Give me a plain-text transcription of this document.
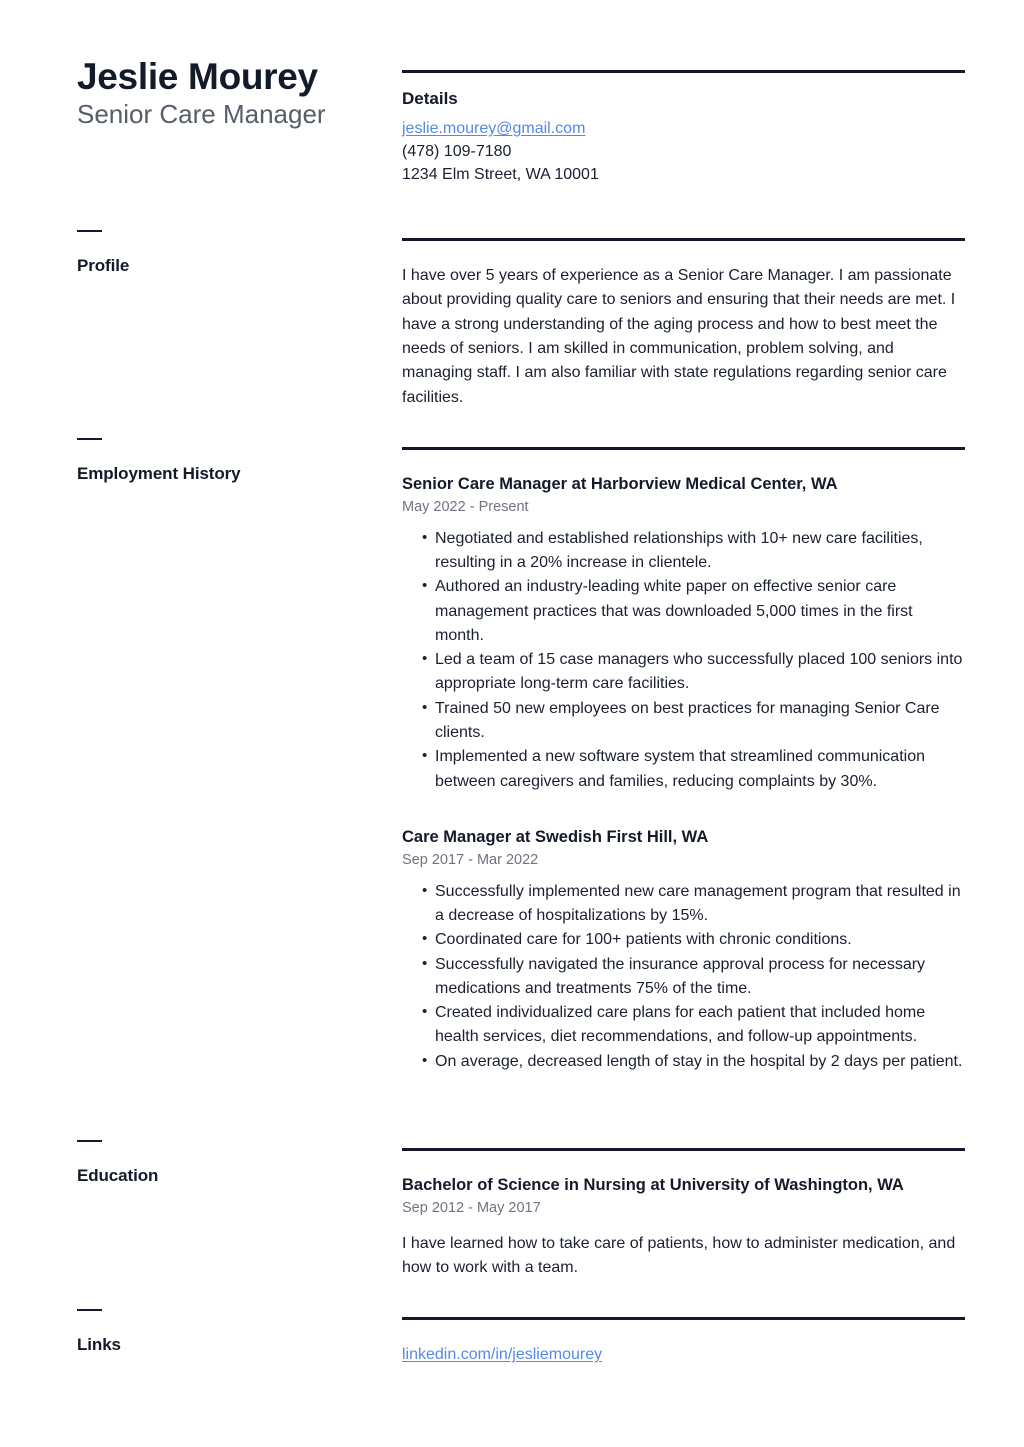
Jeslie Mourey
Senior Care Manager
Profile
Employment History
Education
Links
Details
jeslie.mourey@gmail.com
(478) 109-7180
1234 Elm Street, WA 10001

I have over 5 years of experience as a Senior Care Manager. I am passionate about providing quality care to seniors and ensuring that their needs are met. I have a strong understanding of the aging process and how to best meet the needs of seniors. I am skilled in communication, problem solving, and managing staff. I am also familiar with state regulations regarding senior care facilities.

Senior Care Manager at Harborview Medical Center, WA
May 2022 - Present
• Negotiated and established relationships with 10+ new care facilities, resulting in a 20% increase in clientele.
• Authored an industry-leading white paper on effective senior care management practices that was downloaded 5,000 times in the first month.
• Led a team of 15 case managers who successfully placed 100 seniors into appropriate long-term care facilities.
• Trained 50 new employees on best practices for managing Senior Care clients.
• Implemented a new software system that streamlined communication between caregivers and families, reducing complaints by 30%.
Care Manager at Swedish First Hill, WA
Sep 2017 - Mar 2022
• Successfully implemented new care management program that resulted in a decrease of hospitalizations by 15%.
• Coordinated care for 100+ patients with chronic conditions.
• Successfully navigated the insurance approval process for necessary medications and treatments 75% of the time.
• Created individualized care plans for each patient that included home health services, diet recommendations, and follow-up appointments.
• On average, decreased length of stay in the hospital by 2 days per patient.
Bachelor of Science in Nursing at University of Washington, WA
Sep 2012 - May 2017

I have learned how to take care of patients, how to administer medication, and how to work with a team.

linkedin.com/in/jesliemourey
